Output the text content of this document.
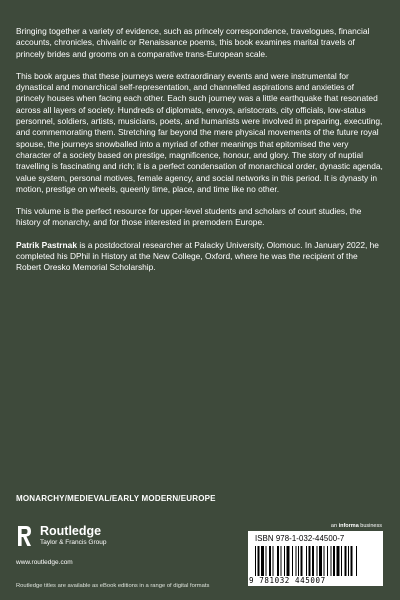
Bringing together a variety of evidence, such as princely correspondence, travelogues, financial accounts, chronicles, chivalric or Renaissance poems, this book examines marital travels of princely brides and grooms on a comparative trans-European scale.

This book argues that these journeys were extraordinary events and were instrumental for dynastical and monarchical self-representation, and channelled aspirations and anxieties of princely houses when facing each other. Each such journey was a little earthquake that resonated across all layers of society. Hundreds of diplomats, envoys, aristocrats, city officials, low-status personnel, soldiers, artists, musicians, poets, and humanists were involved in preparing, executing, and commemorating them. Stretching far beyond the mere physical movements of the future royal spouse, the journeys snowballed into a myriad of other meanings that epitomised the very character of a society based on prestige, magnificence, honour, and glory. The story of nuptial travelling is fascinating and rich; it is a perfect condensation of monarchical order, dynastic agenda, value system, personal motives, female agency, and social networks in this period. It is dynasty in motion, prestige on wheels, queenly time, place, and time like no other.

This volume is the perfect resource for upper-level students and scholars of court studies, the history of monarchy, and for those interested in premodern Europe.

Patrik Pastrnak is a postdoctoral researcher at Palacky University, Olomouc. In January 2022, he completed his DPhil in History at the New College, Oxford, where he was the recipient of the Robert Oresko Memorial Scholarship.

MONARCHY/MEDIEVAL/EARLY MODERN/EUROPE
Routledge
Taylor & Francis Group
www.routledge.com
an informa business
ISBN 978-1-032-44500-7
9 781032 445007
Routledge titles are available as eBook editions in a range of digital formats
